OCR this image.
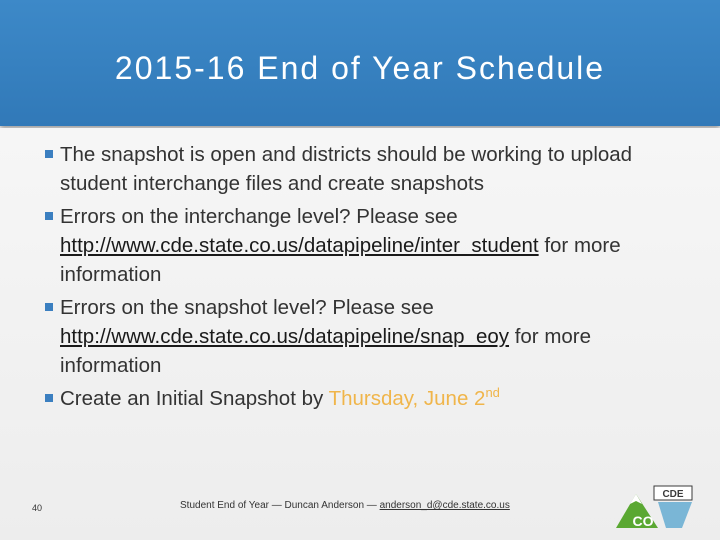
2015-16 End of Year Schedule
The snapshot is open and districts should be working to upload student interchange files and create snapshots
Errors on the interchange level? Please see http://www.cde.state.co.us/datapipeline/inter_student for more information
Errors on the snapshot level? Please see http://www.cde.state.co.us/datapipeline/snap_eoy for more information
Create an Initial Snapshot by Thursday, June 2nd
40	Student End of Year — Duncan Anderson — anderson_d@cde.state.co.us
CDE
CO
